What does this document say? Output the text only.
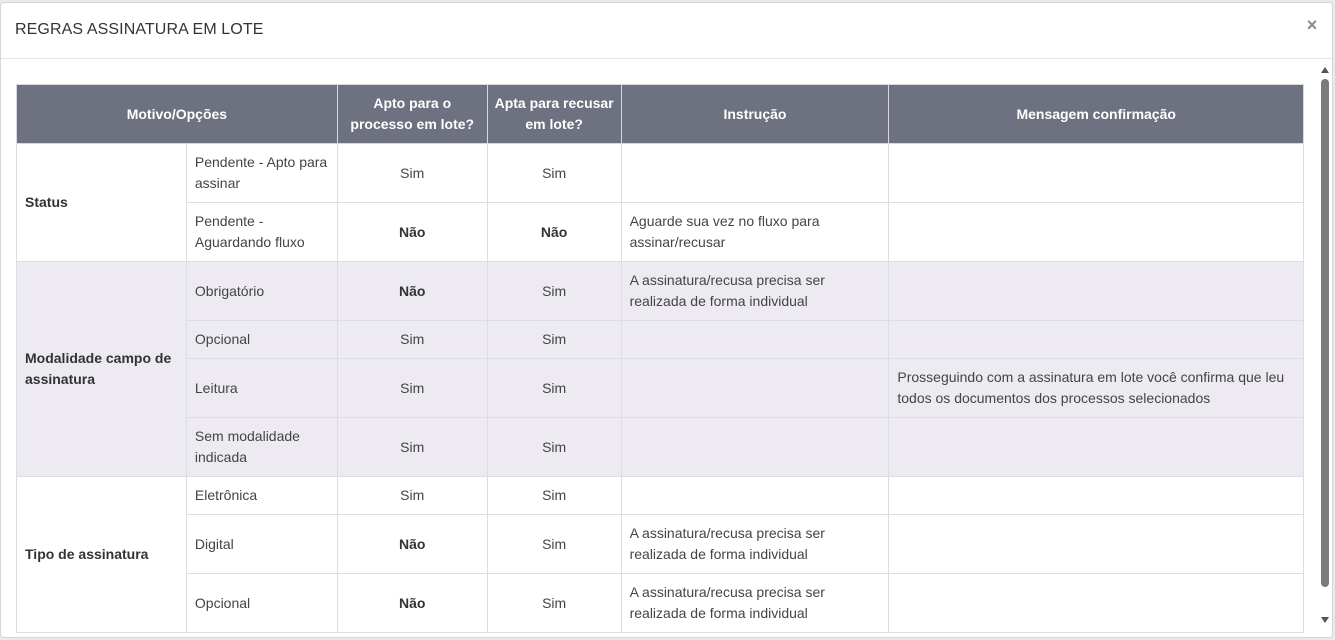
REGRAS ASSINATURA EM LOTE	×
Motivo/Opções		Apto para o processo em lote?	Apta para recusar em lote?	Instrução	Mensagem confirmação
Status	Pendente - Apto para assinar	Sim	Sim		
	Pendente - Aguardando fluxo	Não	Não	Aguarde sua vez no fluxo para assinar/recusar	
Modalidade campo de assinatura	Obrigatório	Não	Sim	A assinatura/recusa precisa ser realizada de forma individual	
	Opcional	Sim	Sim		
	Leitura	Sim	Sim		Prosseguindo com a assinatura em lote você confirma que leu todos os documentos dos processos selecionados
	Sem modalidade indicada	Sim	Sim		
Tipo de assinatura	Eletrônica	Sim	Sim		
	Digital	Não	Sim	A assinatura/recusa precisa ser realizada de forma individual	
	Opcional	Não	Sim	A assinatura/recusa precisa ser realizada de forma individual	
